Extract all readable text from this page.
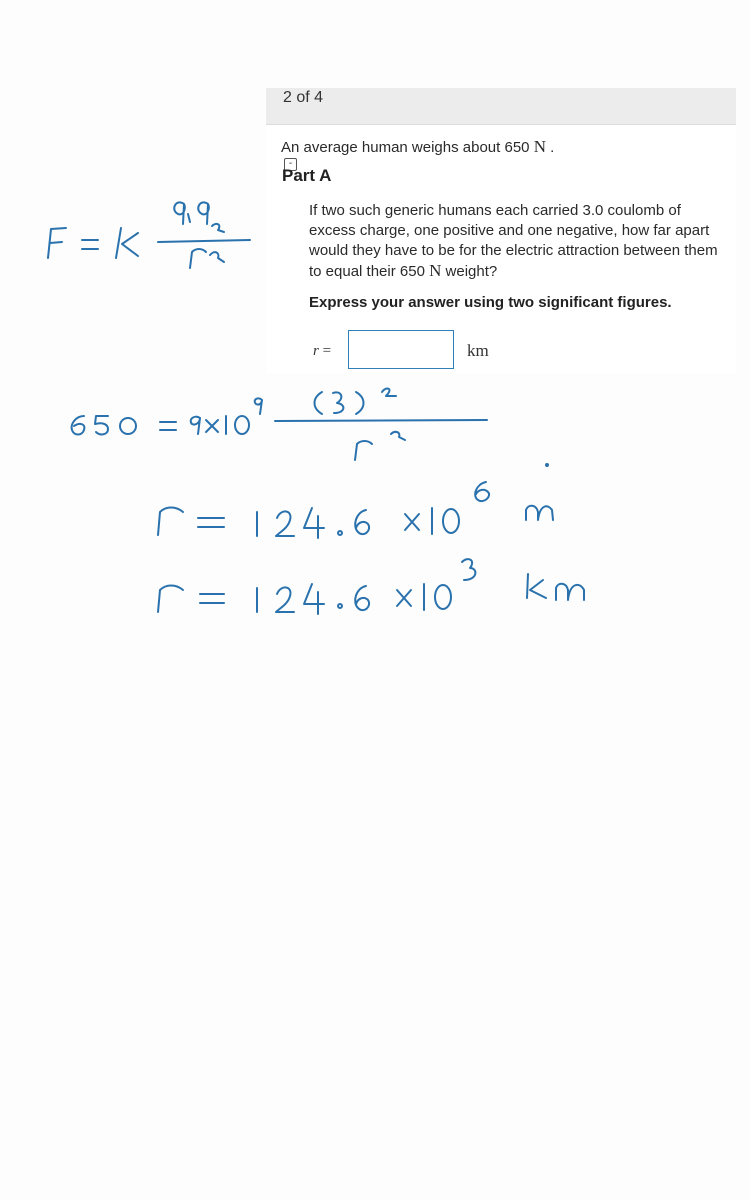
2 of 4
An average human weighs about 650 N .
-
Part A
If two such generic humans each carried 3.0 coulomb of excess charge, one positive and one negative, how far apart would they have to be for the electric attraction between them to equal their 650 N weight?
Express your answer using two significant figures.
r =	km
